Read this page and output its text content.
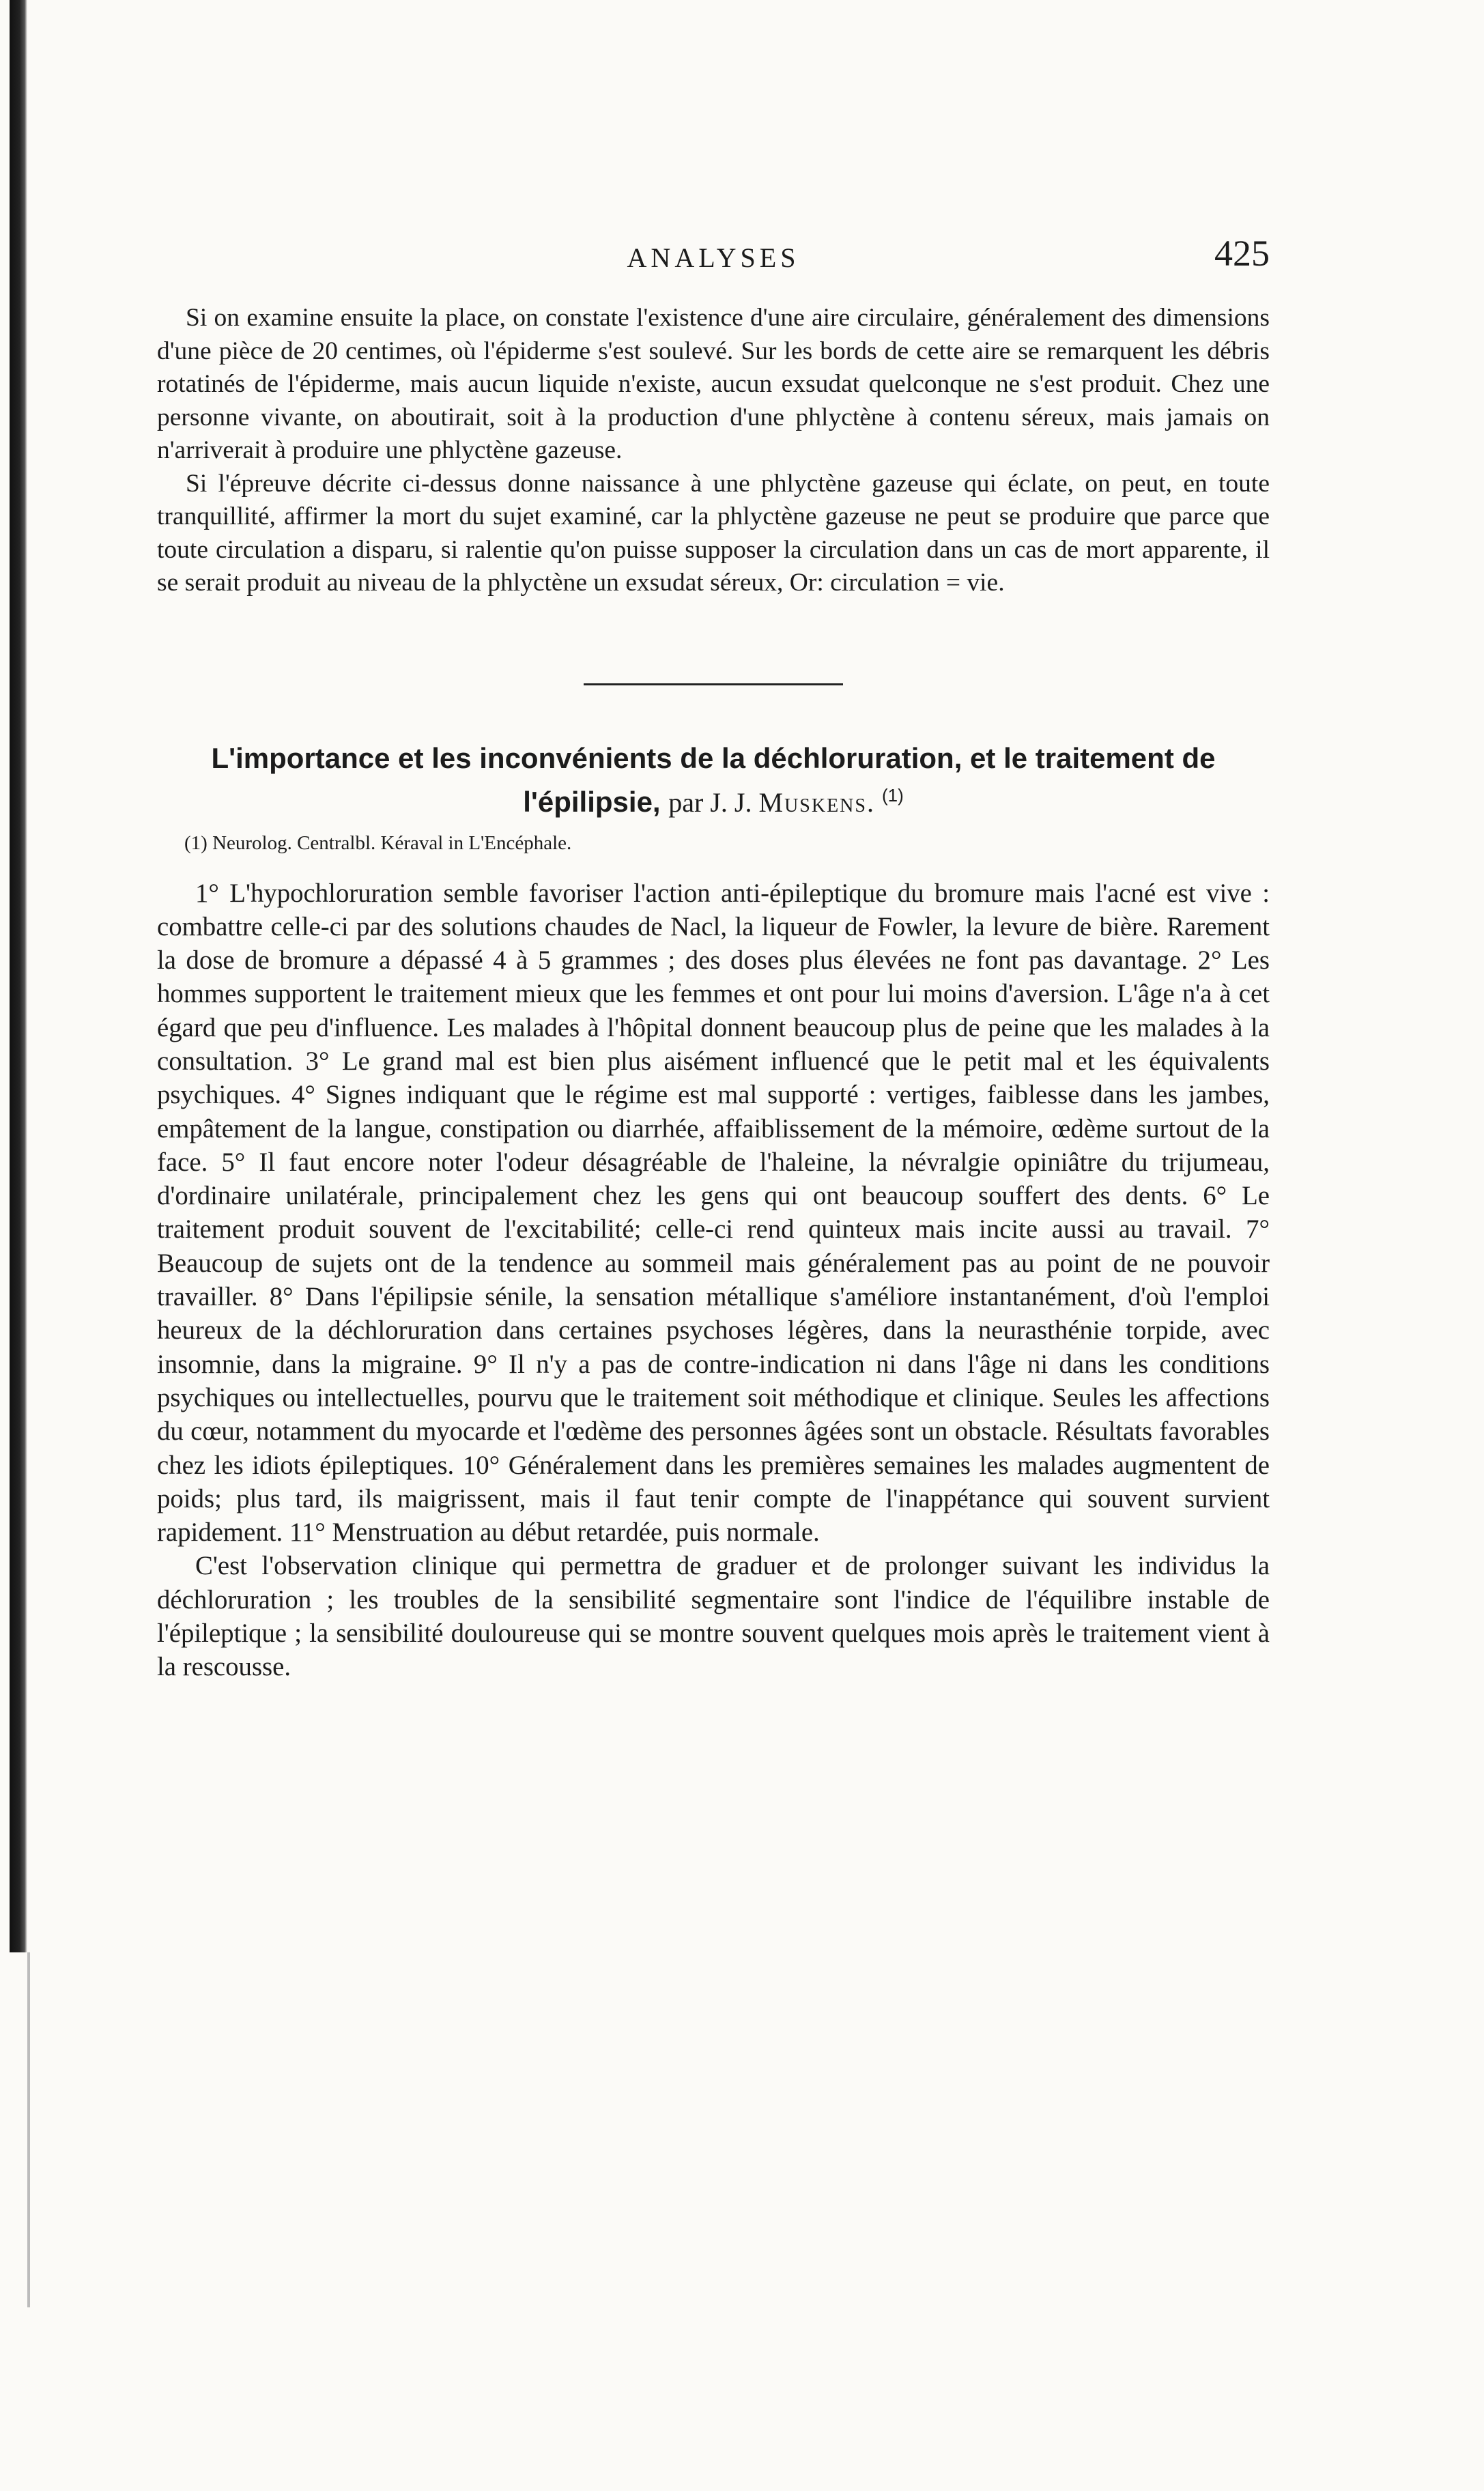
ANALYSES	425

Si on examine ensuite la place, on constate l'existence d'une aire circulaire, généralement des dimensions d'une pièce de 20 centimes, où l'épiderme s'est soulevé. Sur les bords de cette aire se remarquent les débris rotatinés de l'épiderme, mais aucun liquide n'existe, aucun exsudat quelconque ne s'est produit. Chez une personne vivante, on aboutirait, soit à la production d'une phlyctène à contenu séreux, mais jamais on n'arriverait à produire une phlyctène gazeuse.

Si l'épreuve décrite ci-dessus donne naissance à une phlyctène gazeuse qui éclate, on peut, en toute tranquillité, affirmer la mort du sujet examiné, car la phlyctène gazeuse ne peut se produire que parce que toute circulation a disparu, si ralentie qu'on puisse supposer la circulation dans un cas de mort apparente, il se serait produit au niveau de la phlyctène un exsudat séreux, Or: circulation = vie.

L'importance et les inconvénients de la déchloruration, et le traitement de
l'épilipsie, par J. J. Muskens. $^{(1)}$
(1) Neurolog. Centralbl. Kéraval in L'Encéphale.

1° L'hypochloruration semble favoriser l'action anti-épileptique du bromure mais l'acné est vive : combattre celle-ci par des solutions chaudes de Nacl, la liqueur de Fowler, la levure de bière. Rarement la dose de bromure a dépassé 4 à 5 grammes ; des doses plus élevées ne font pas davantage. 2° Les hommes supportent le traitement mieux que les femmes et ont pour lui moins d'aversion. L'âge n'a à cet égard que peu d'influence. Les malades à l'hôpital donnent beaucoup plus de peine que les malades à la consultation. 3° Le grand mal est bien plus aisément influencé que le petit mal et les équivalents psychiques. 4° Signes indiquant que le régime est mal supporté : vertiges, faiblesse dans les jambes, empâtement de la langue, constipation ou diarrhée, affaiblissement de la mémoire, œdème surtout de la face. 5° Il faut encore noter l'odeur désagréable de l'haleine, la névralgie opiniâtre du trijumeau, d'ordinaire unilatérale, principalement chez les gens qui ont beaucoup souffert des dents. 6° Le traitement produit souvent de l'excitabilité; celle-ci rend quinteux mais incite aussi au travail. 7° Beaucoup de sujets ont de la tendence au sommeil mais généralement pas au point de ne pouvoir travailler. 8° Dans l'épilipsie sénile, la sensation métallique s'améliore instantanément, d'où l'emploi heureux de la déchloruration dans certaines psychoses légères, dans la neurasthénie torpide, avec insomnie, dans la migraine. 9° Il n'y a pas de contre-indication ni dans l'âge ni dans les conditions psychiques ou intellectuelles, pourvu que le traitement soit méthodique et clinique. Seules les affections du cœur, notamment du myocarde et l'œdème des personnes âgées sont un obstacle. Résultats favorables chez les idiots épileptiques. 10° Généralement dans les premières semaines les malades augmentent de poids; plus tard, ils maigrissent, mais il faut tenir compte de l'inappétance qui souvent survient rapidement. 11° Menstruation au début retardée, puis normale.

C'est l'observation clinique qui permettra de graduer et de prolonger suivant les individus la déchloruration ; les troubles de la sensibilité segmentaire sont l'indice de l'équilibre instable de l'épileptique ; la sensibilité douloureuse qui se montre souvent quelques mois après le traitement vient à la rescousse.
